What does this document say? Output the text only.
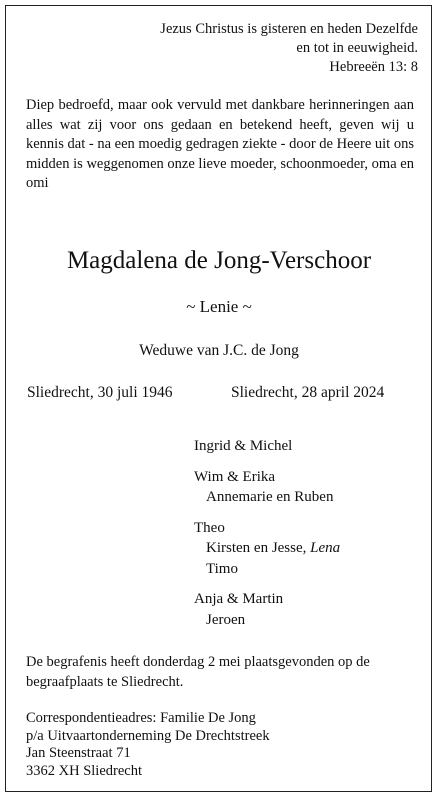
Jezus Christus is gisteren en heden Dezelfde
en tot in eeuwigheid.
Hebreeën 13: 8
Diep bedroefd, maar ook vervuld met dankbare herinneringen aan alles wat zij voor ons gedaan en betekend heeft, geven wij u kennis dat - na een moedig gedragen ziekte - door de Heere uit ons midden is weggenomen onze lieve moeder, schoonmoeder, oma en omi
Magdalena de Jong-Verschoor
~ Lenie ~
Weduwe van J.C. de Jong
Sliedrecht, 30 juli 1946	Sliedrecht, 28 april 2024
Ingrid & Michel
Wim & Erika
Annemarie en Ruben
Theo
Kirsten en Jesse, Lena
Timo
Anja & Martin
Jeroen
De begrafenis heeft donderdag 2 mei plaatsgevonden op de begraafplaats te Sliedrecht.
Correspondentieadres: Familie De Jong
p/a Uitvaartonderneming De Drechtstreek
Jan Steenstraat 71
3362 XH Sliedrecht
